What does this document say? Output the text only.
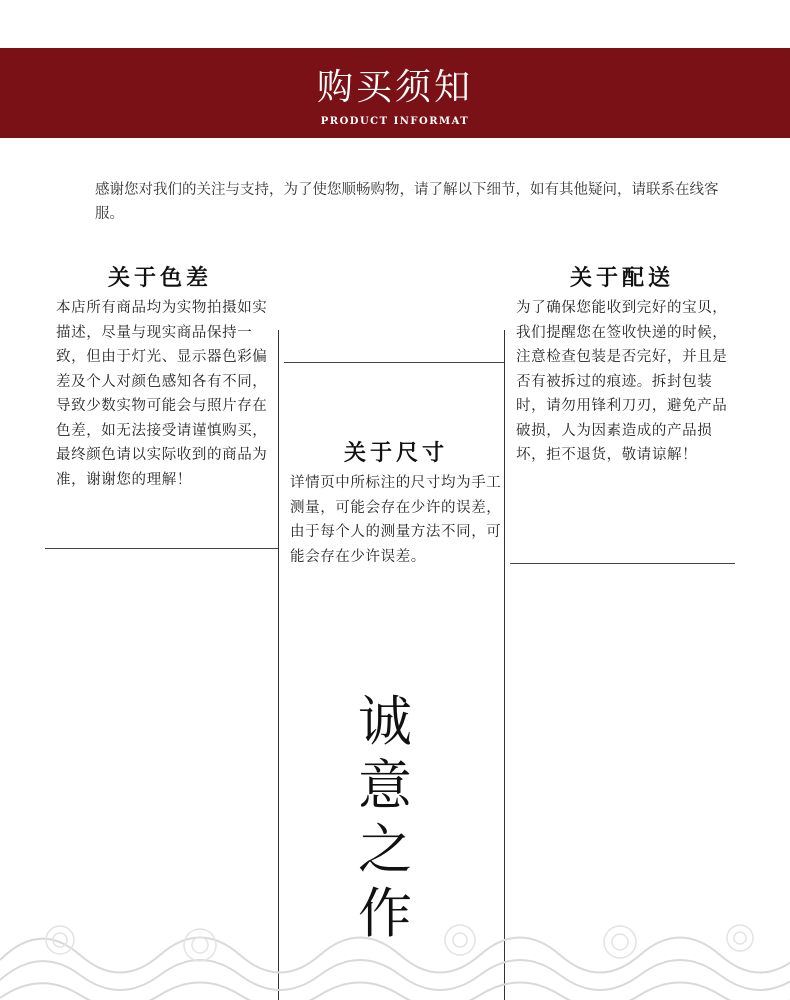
购买须知
PRODUCT INFORMAT
感谢您对我们的关注与支持，为了使您顺畅购物，请了解以下细节，如有其他疑问，请联系在线客服。
关于色差
本店所有商品均为实物拍摄如实描述，尽量与现实商品保持一致，但由于灯光、显示器色彩偏差及个人对颜色感知各有不同，导致少数实物可能会与照片存在色差，如无法接受请谨慎购买，最终颜色请以实际收到的商品为准，谢谢您的理解！
关于尺寸
详情页中所标注的尺寸均为手工测量，可能会存在少许的误差，由于每个人的测量方法不同，可能会存在少许误差。
关于配送
为了确保您能收到完好的宝贝，我们提醒您在签收快递的时候，注意检查包装是否完好，并且是否有被拆过的痕迹。拆封包装时，请勿用锋利刀刃，避免产品破损，人为因素造成的产品损坏，拒不退货，敬请谅解！
诚意之作
